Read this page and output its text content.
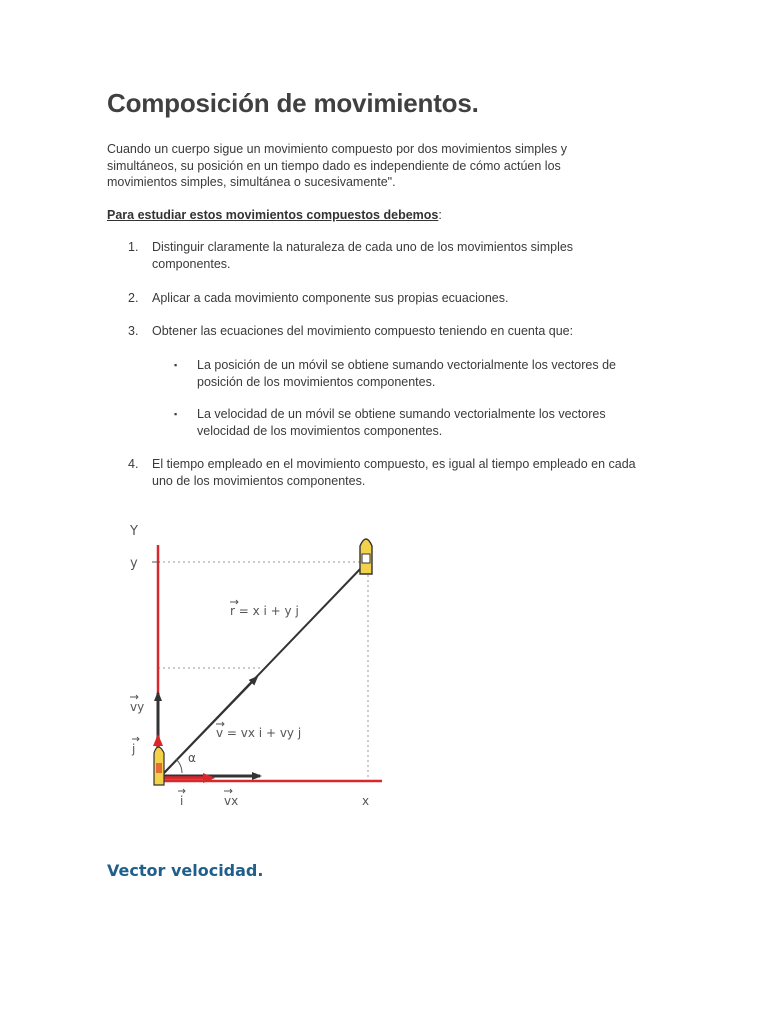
Composición de movimientos.

Cuando un cuerpo sigue un movimiento compuesto por dos movimientos simples y simultáneos, su posición en un tiempo dado es independiente de cómo actúen los movimientos simples, simultánea o sucesivamente".

Para estudiar estos movimientos compuestos debemos:

1.	Distinguir claramente la naturaleza de cada uno de los movimientos simples componentes.
2.	Aplicar a cada movimiento componente sus propias ecuaciones.
3.	Obtener las ecuaciones del movimiento compuesto teniendo en cuenta que:
▪ La posición de un móvil se obtiene sumando vectorialmente los vectores de posición de los movimientos componentes.
▪ La velocidad de un móvil se obtiene sumando vectorialmente los vectores velocidad de los movimientos componentes.
4.	El tiempo empleado en el movimiento compuesto, es igual al tiempo empleado en cada uno de los movimientos componentes.
Y
y
x
α
r = x i + y j
v = vx i + vy j
vy
j
i	vx
Vector velocidad.
